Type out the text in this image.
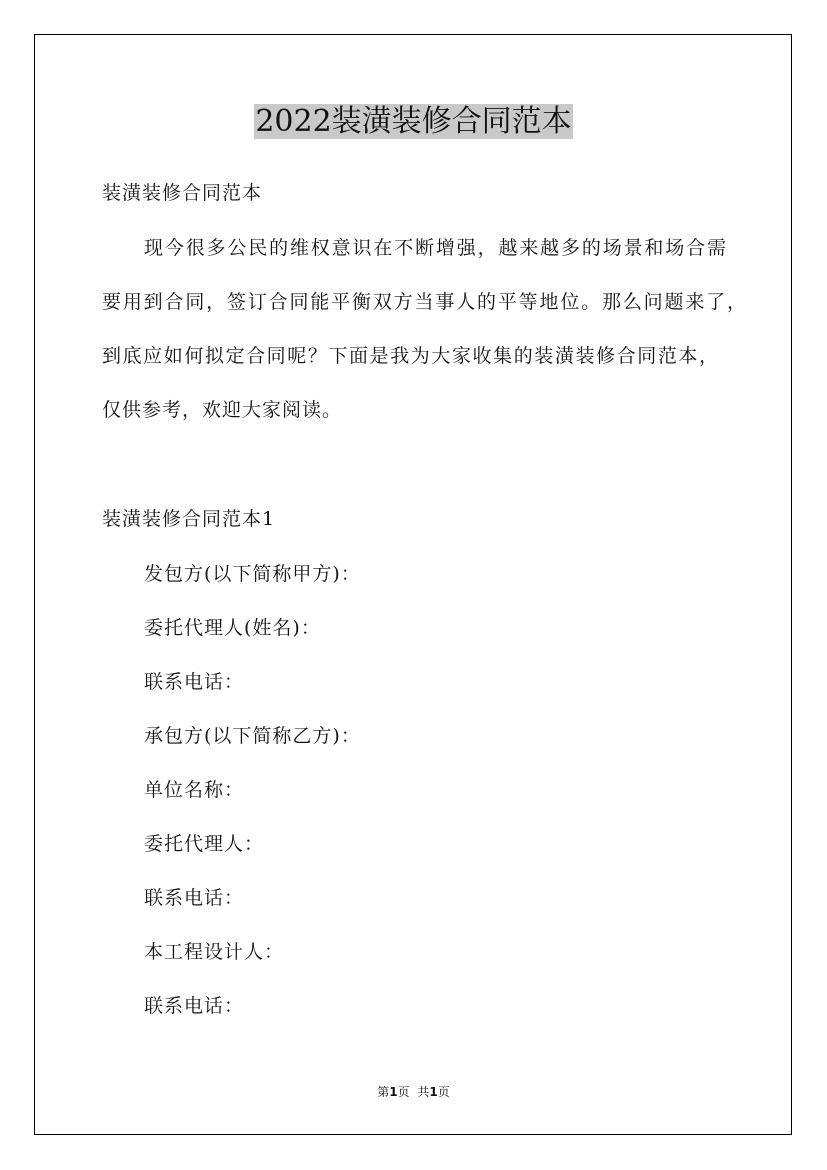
2022装潢装修合同范本
装潢装修合同范本
现今很多公民的维权意识在不断增强，越来越多的场景和场合需
要用到合同，签订合同能平衡双方当事人的平等地位。那么问题来了，
到底应如何拟定合同呢？下面是我为大家收集的装潢装修合同范本，
仅供参考，欢迎大家阅读。
装潢装修合同范本1
发包方(以下简称甲方)：
委托代理人(姓名)：
联系电话：
承包方(以下简称乙方)：
单位名称：
委托代理人：
联系电话：
本工程设计人：
联系电话：
第1页 共1页
